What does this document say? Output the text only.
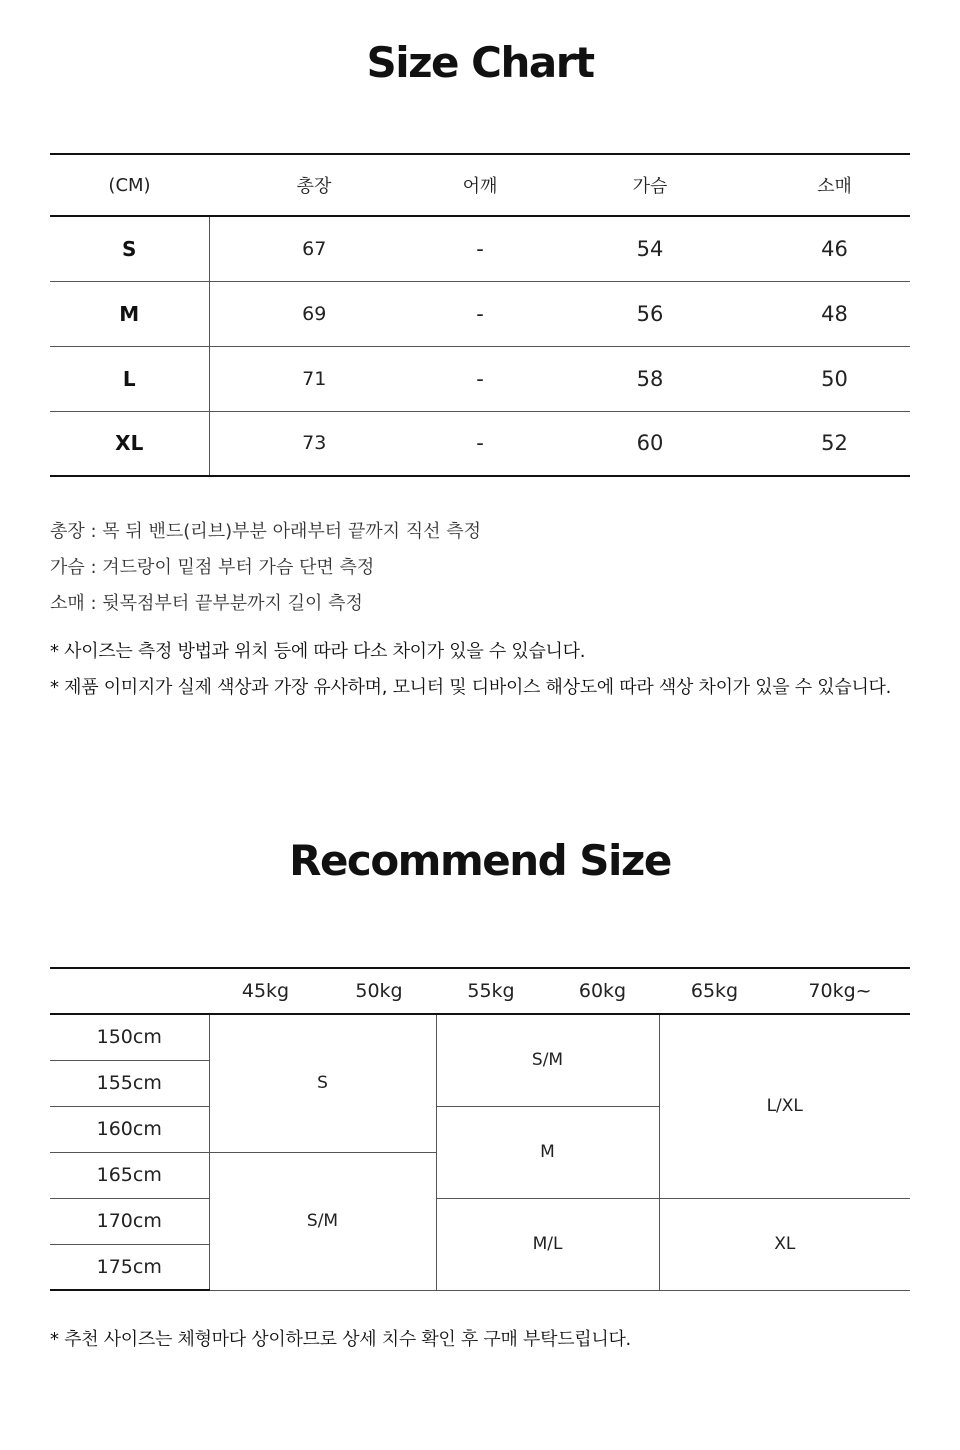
Size Chart
(CM)	총장	어깨	가슴	소매
S	67	-	54	46
M	69	-	56	48
L	71	-	58	50
XL	73	-	60	52

총장 : 목 뒤 밴드(리브)부분 아래부터 끝까지 직선 측정

가슴 : 겨드랑이 밑점 부터 가슴 단면 측정

소매 : 뒷목점부터 끝부분까지 길이 측정

* 사이즈는 측정 방법과 위치 등에 따라 다소 차이가 있을 수 있습니다.

* 제품 이미지가 실제 색상과 가장 유사하며, 모니터 및 디바이스 해상도에 따라 색상 차이가 있을 수 있습니다.

Recommend Size
	45kg	50kg	55kg	60kg	65kg	70kg~
150cm	S		S/M		L/XL	
155cm						
160cm			M			
165cm	S/M					
170cm			M/L		XL	
175cm						
* 추천 사이즈는 체형마다 상이하므로 상세 치수 확인 후 구매 부탁드립니다.
